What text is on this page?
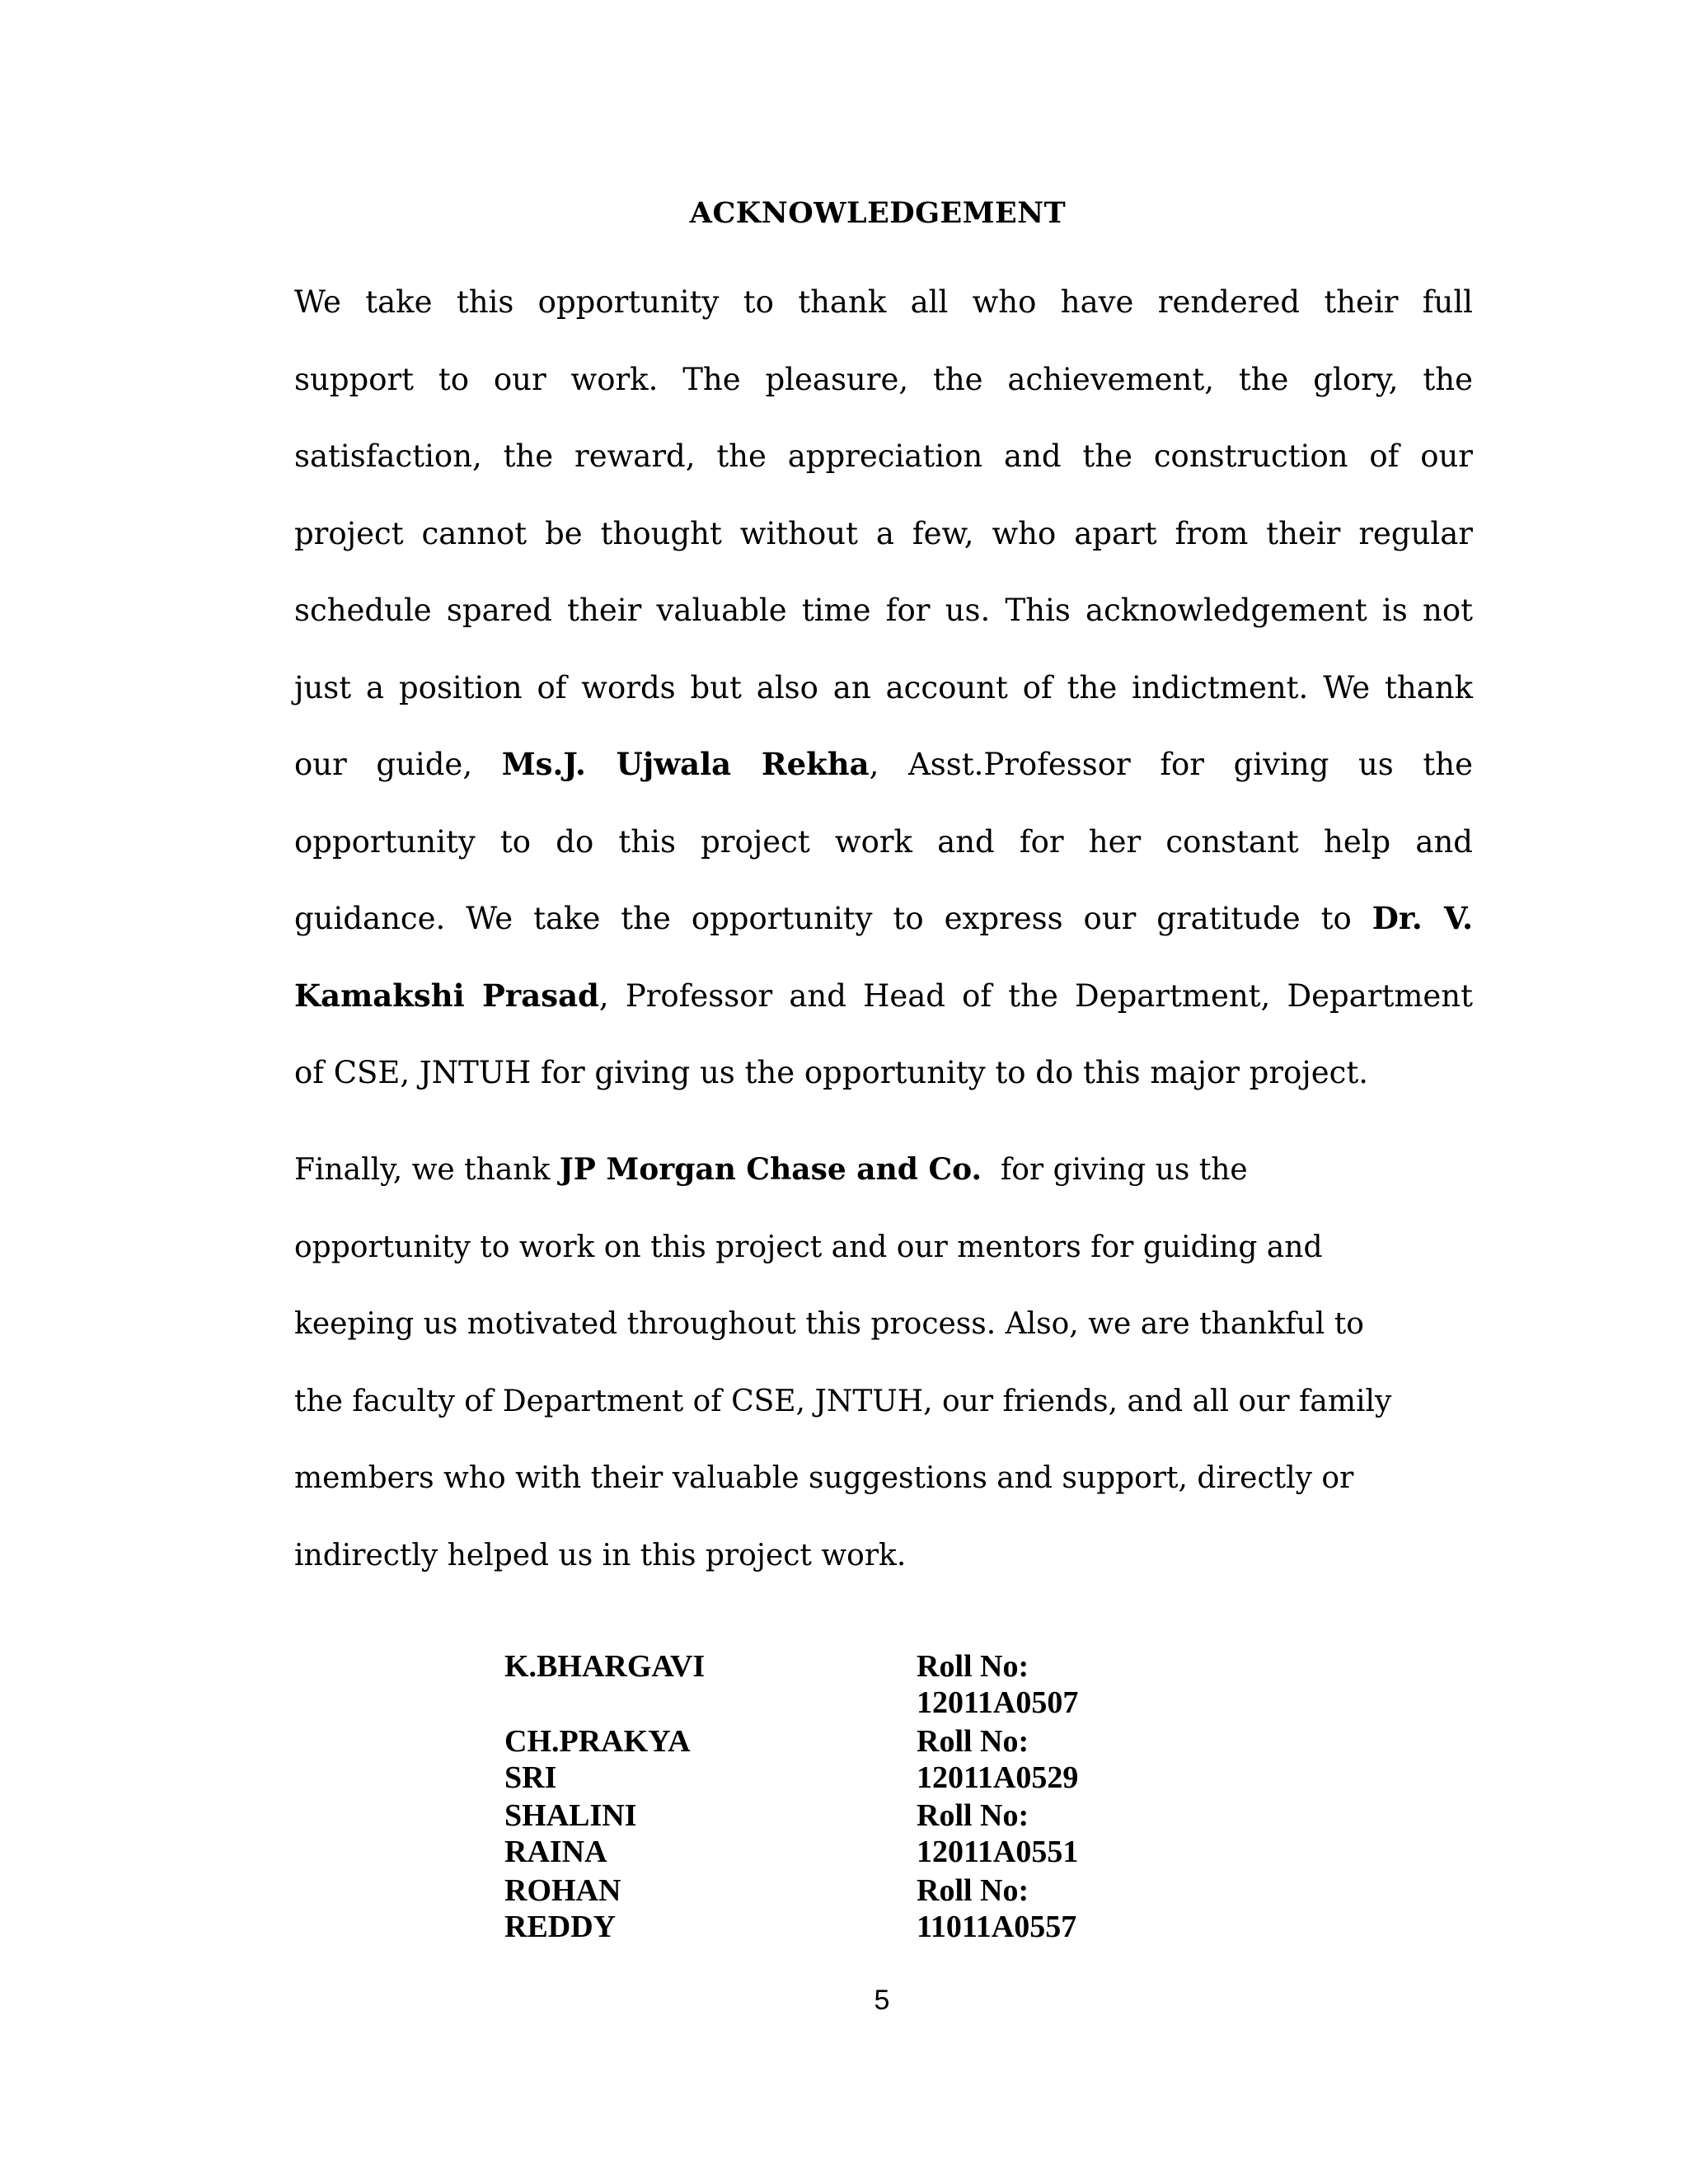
ACKNOWLEDGEMENT
We take this opportunity to thank all who have rendered their full
support to our work. The pleasure, the achievement, the glory, the
satisfaction, the reward, the appreciation and the construction of our
project cannot be thought without a few, who apart from their regular
schedule spared their valuable time for us. This acknowledgement is not
just a position of words but also an account of the indictment. We thank
our guide, Ms.J. Ujwala Rekha, Asst.Professor for giving us the
opportunity to do this project work and for her constant help and
guidance. We take the opportunity to express our gratitude to Dr. V.
Kamakshi Prasad, Professor and Head of the Department, Department
of CSE, JNTUH for giving us the opportunity to do this major project.
Finally, we thank JP Morgan Chase and Co. for giving us the
opportunity to work on this project and our mentors for guiding and
keeping us motivated throughout this process. Also, we are thankful to
the faculty of Department of CSE, JNTUH, our friends, and all our family
members who with their valuable suggestions and support, directly or
indirectly helped us in this project work.
K.BHARGAVI	Roll No: 12011A0507
CH.PRAKYA SRI
Roll No: 12011A0529
SHALINI RAINA
Roll No: 12011A0551
ROHAN REDDY
Roll No: 11011A0557
5
